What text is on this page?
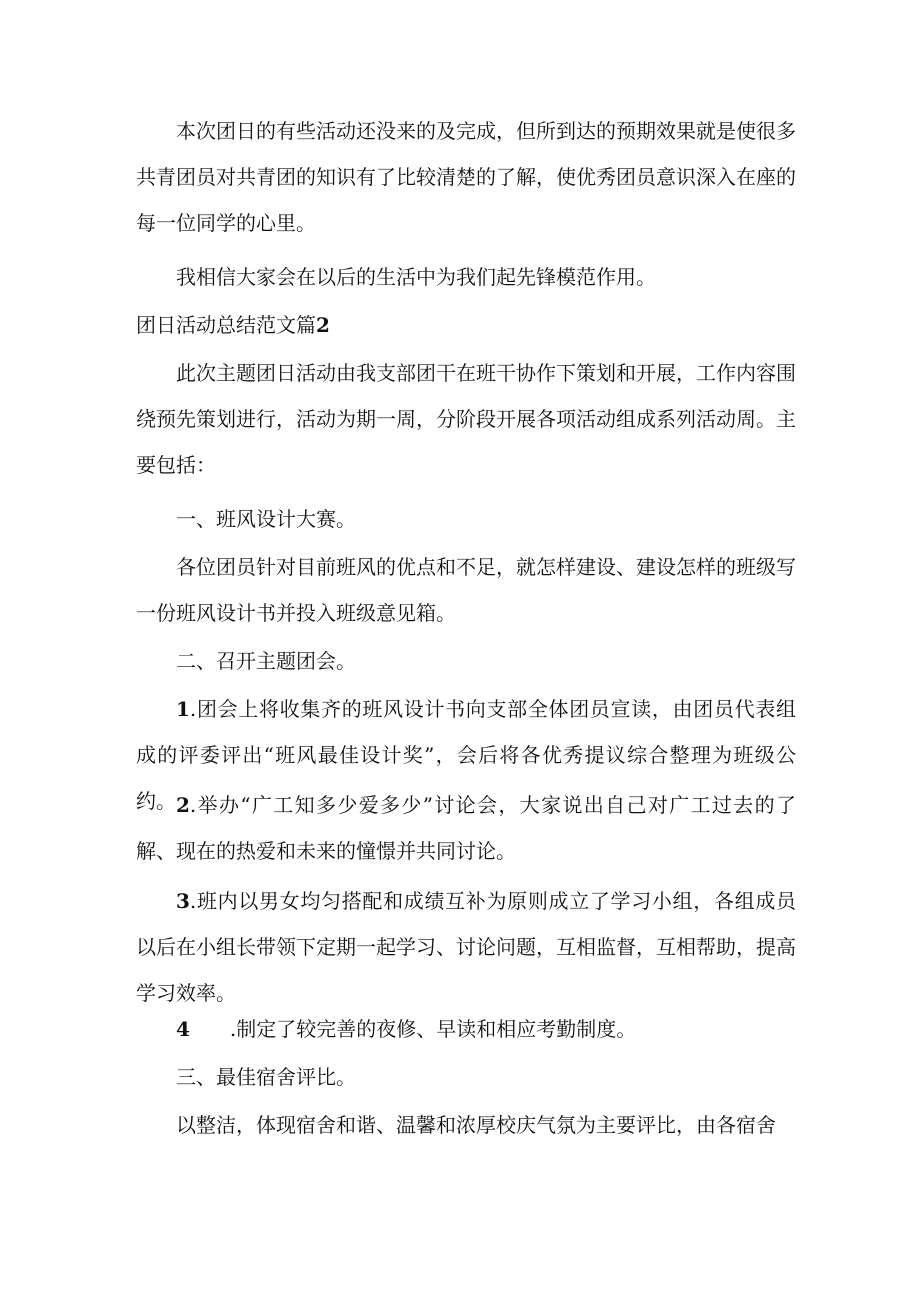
本次团日的有些活动还没来的及完成，但所到达的预期效果就是使很多共青团员对共青团的知识有了比较清楚的了解，使优秀团员意识深入在座的每一位同学的心里。

我相信大家会在以后的生活中为我们起先锋模范作用。

团日活动总结范文篇2

此次主题团日活动由我支部团干在班干协作下策划和开展，工作内容围绕预先策划进行，活动为期一周，分阶段开展各项活动组成系列活动周。主要包括：

一、班风设计大赛。

各位团员针对目前班风的优点和不足，就怎样建设、建设怎样的班级写一份班风设计书并投入班级意见箱。

二、召开主题团会。

1.团会上将收集齐的班风设计书向支部全体团员宣读，由团员代表组成的评委评出“班风最佳设计奖”，会后将各优秀提议综合整理为班级公约。 2.举办“广工知多少爱多少”讨论会，大家说出自己对广工过去的了解、现在的热爱和未来的憧憬并共同讨论。

3.班内以男女均匀搭配和成绩互补为原则成立了学习小组，各组成员以后在小组长带领下定期一起学习、讨论问题，互相监督，互相帮助，提高学习效率。

4 .制定了较完善的夜修、早读和相应考勤制度。

三、最佳宿舍评比。

以整洁，体现宿舍和谐、温馨和浓厚校庆气氛为主要评比，由各宿舍
